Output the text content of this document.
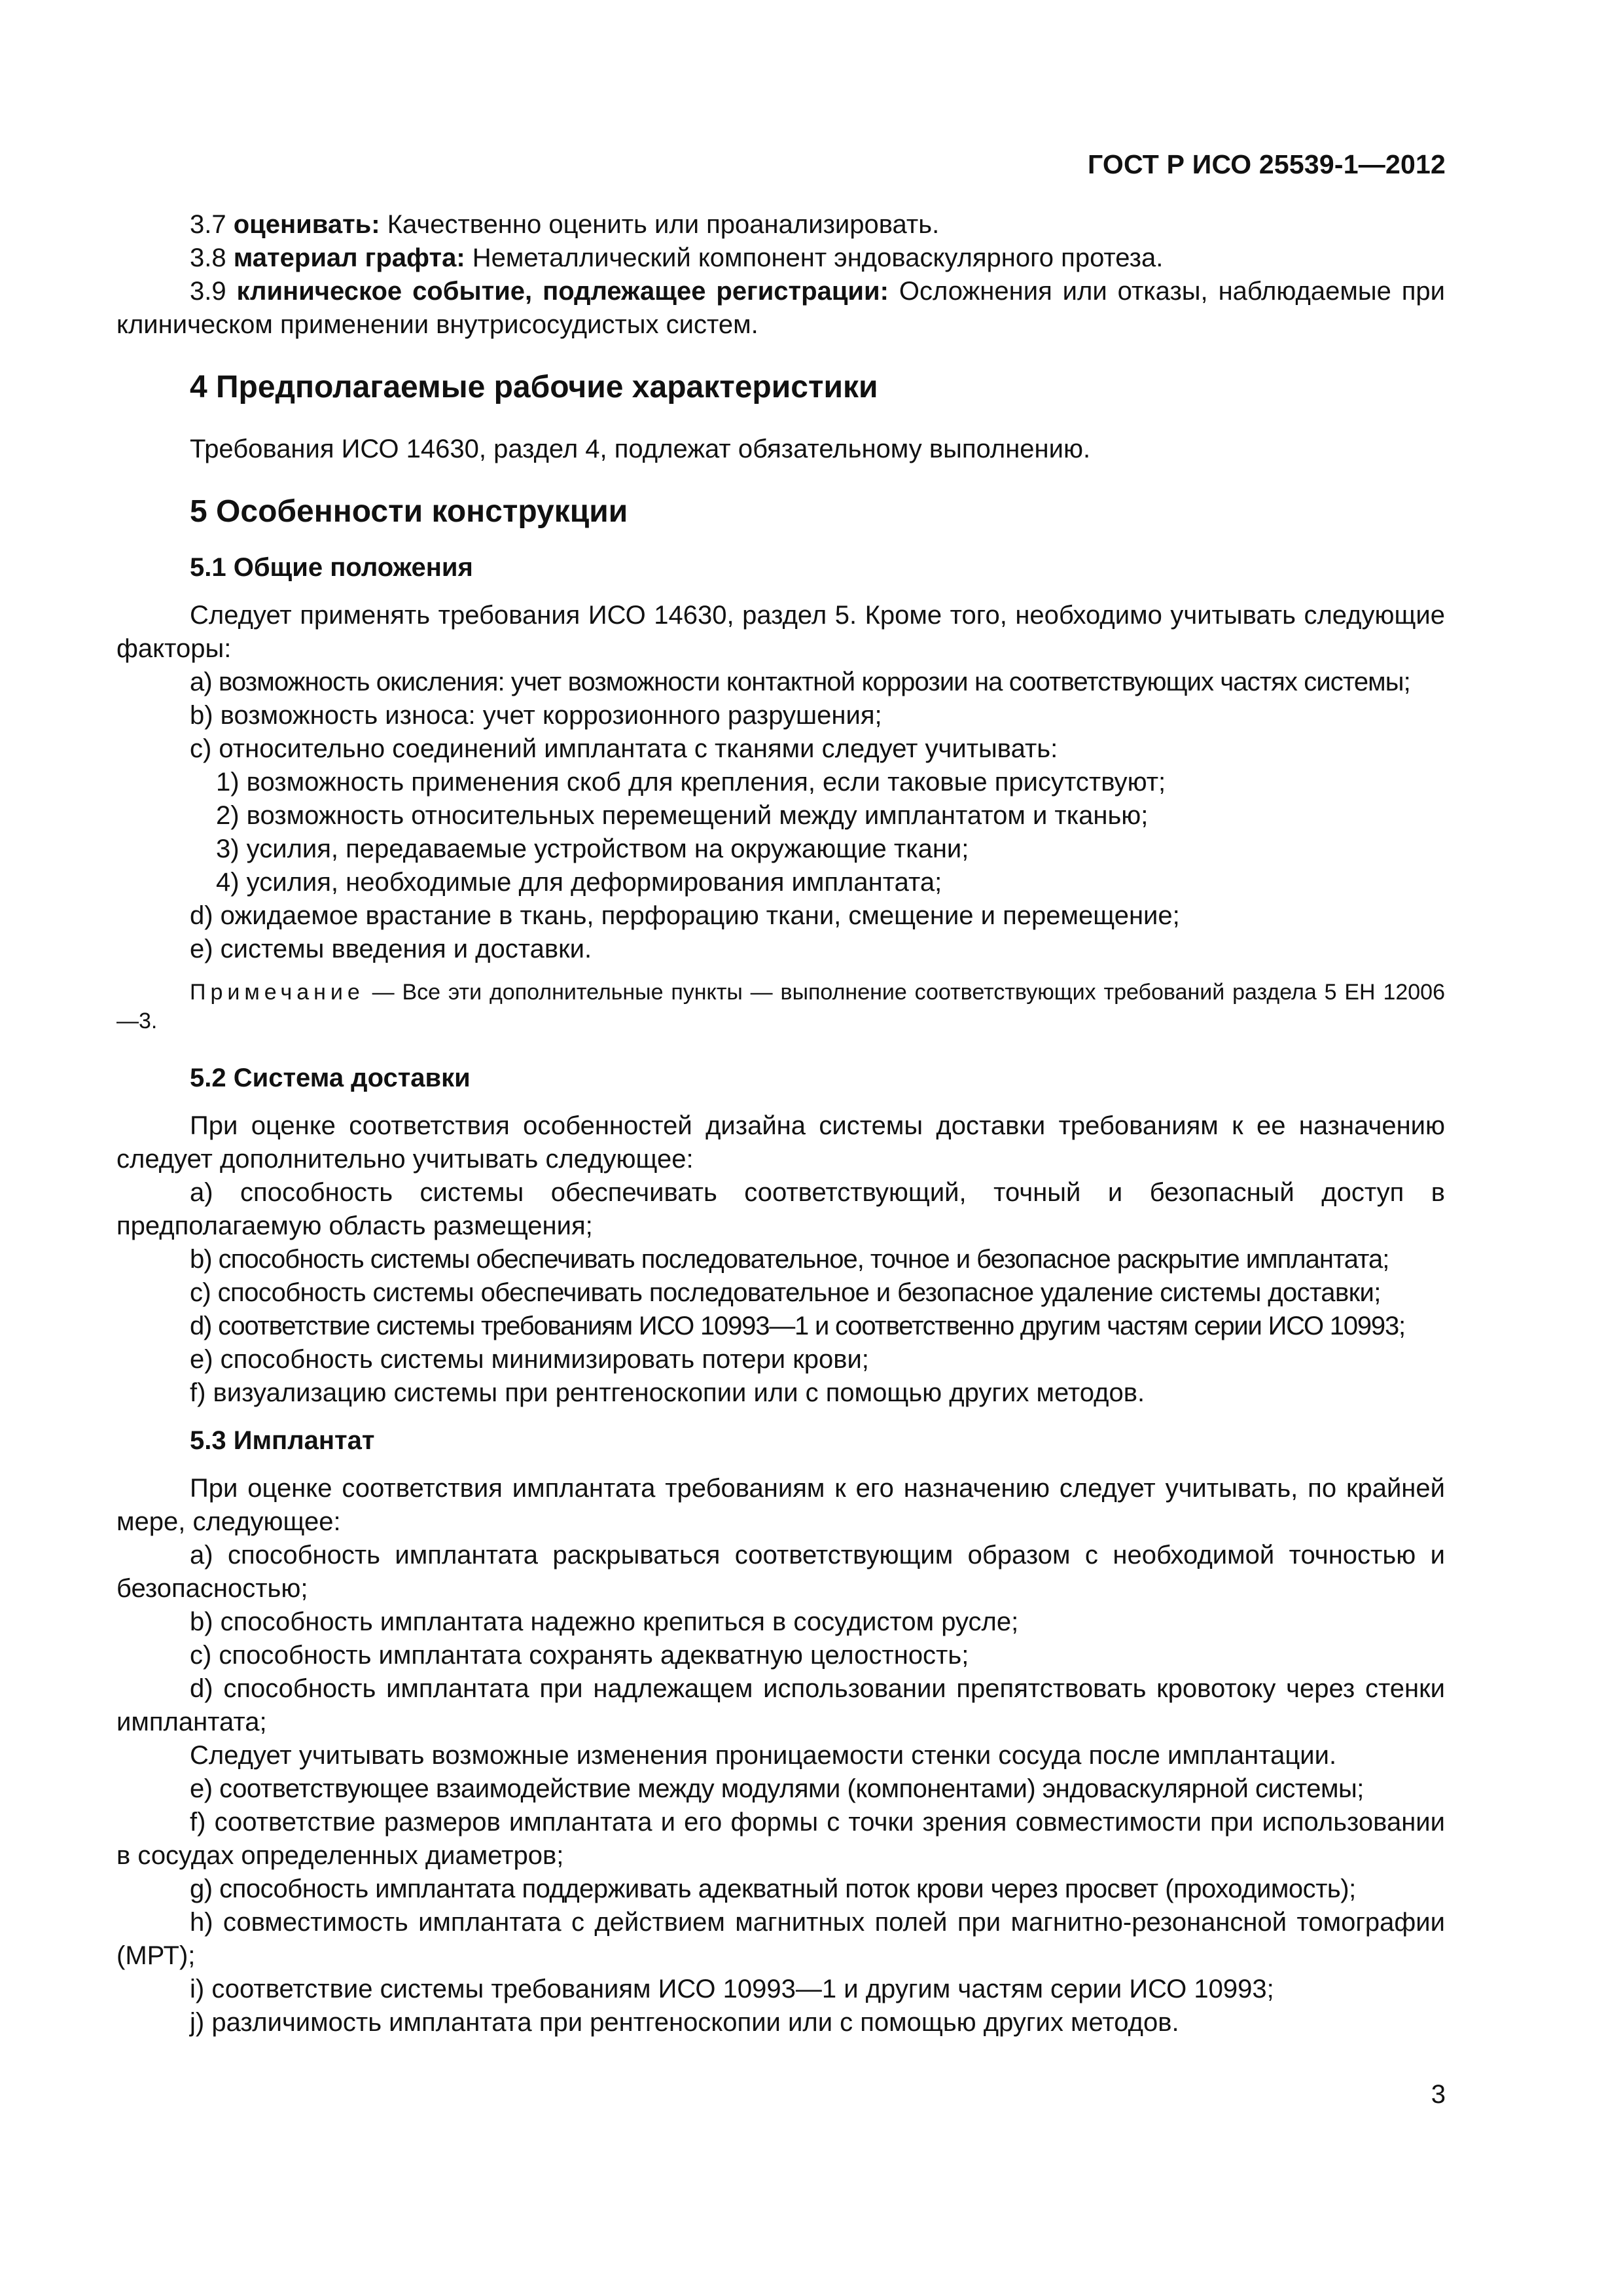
ГОСТ Р ИСО 25539-1—2012

3.7 оценивать: Качественно оценить или проанализировать.

3.8 материал графта: Неметаллический компонент эндоваскулярного протеза.

3.9 клиническое событие, подлежащее регистрации: Осложнения или отказы, наблюдаемые при клиническом применении внутрисосудистых систем.

4 Предполагаемые рабочие характеристики

Требования ИСО 14630, раздел 4, подлежат обязательному выполнению.

5 Особенности конструкции

5.1 Общие положения

Следует применять требования ИСО 14630, раздел 5. Кроме того, необходимо учитывать следующие факторы:

a) возможность окисления: учет возможности контактной коррозии на соответствующих частях системы;

b) возможность износа: учет коррозионного разрушения;

c) относительно соединений имплантата с тканями следует учитывать:

1) возможность применения скоб для крепления, если таковые присутствуют;

2) возможность относительных перемещений между имплантатом и тканью;

3) усилия, передаваемые устройством на окружающие ткани;

4) усилия, необходимые для деформирования имплантата;

d) ожидаемое врастание в ткань, перфорацию ткани, смещение и перемещение;

e) системы введения и доставки.

Примечание — Все эти дополнительные пункты — выполнение соответствующих требований раздела 5 ЕН 12006—3.

5.2 Система доставки

При оценке соответствия особенностей дизайна системы доставки требованиям к ее назначению следует дополнительно учитывать следующее:

a) способность системы обеспечивать соответствующий, точный и безопасный доступ в предполагаемую область размещения;

b) способность системы обеспечивать последовательное, точное и безопасное раскрытие имплантата;

c) способность системы обеспечивать последовательное и безопасное удаление системы доставки;

d) соответствие системы требованиям ИСО 10993—1 и соответственно другим частям серии ИСО 10993;

e) способность системы минимизировать потери крови;

f) визуализацию системы при рентгеноскопии или с помощью других методов.

5.3 Имплантат

При оценке соответствия имплантата требованиям к его назначению следует учитывать, по крайней мере, следующее:

a) способность имплантата раскрываться соответствующим образом с необходимой точностью и безопасностью;

b) способность имплантата надежно крепиться в сосудистом русле;

c) способность имплантата сохранять адекватную целостность;

d) способность имплантата при надлежащем использовании препятствовать кровотоку через стенки имплантата;

Следует учитывать возможные изменения проницаемости стенки сосуда после имплантации.

e) соответствующее взаимодействие между модулями (компонентами) эндоваскулярной системы;

f) соответствие размеров имплантата и его формы с точки зрения совместимости при использовании в сосудах определенных диаметров;

g) способность имплантата поддерживать адекватный поток крови через просвет (проходимость);

h) совместимость имплантата с действием магнитных полей при магнитно-резонансной томографии (МРТ);

i) соответствие системы требованиям ИСО 10993—1 и другим частям серии ИСО 10993;

j) различимость имплантата при рентгеноскопии или с помощью других методов.

3
